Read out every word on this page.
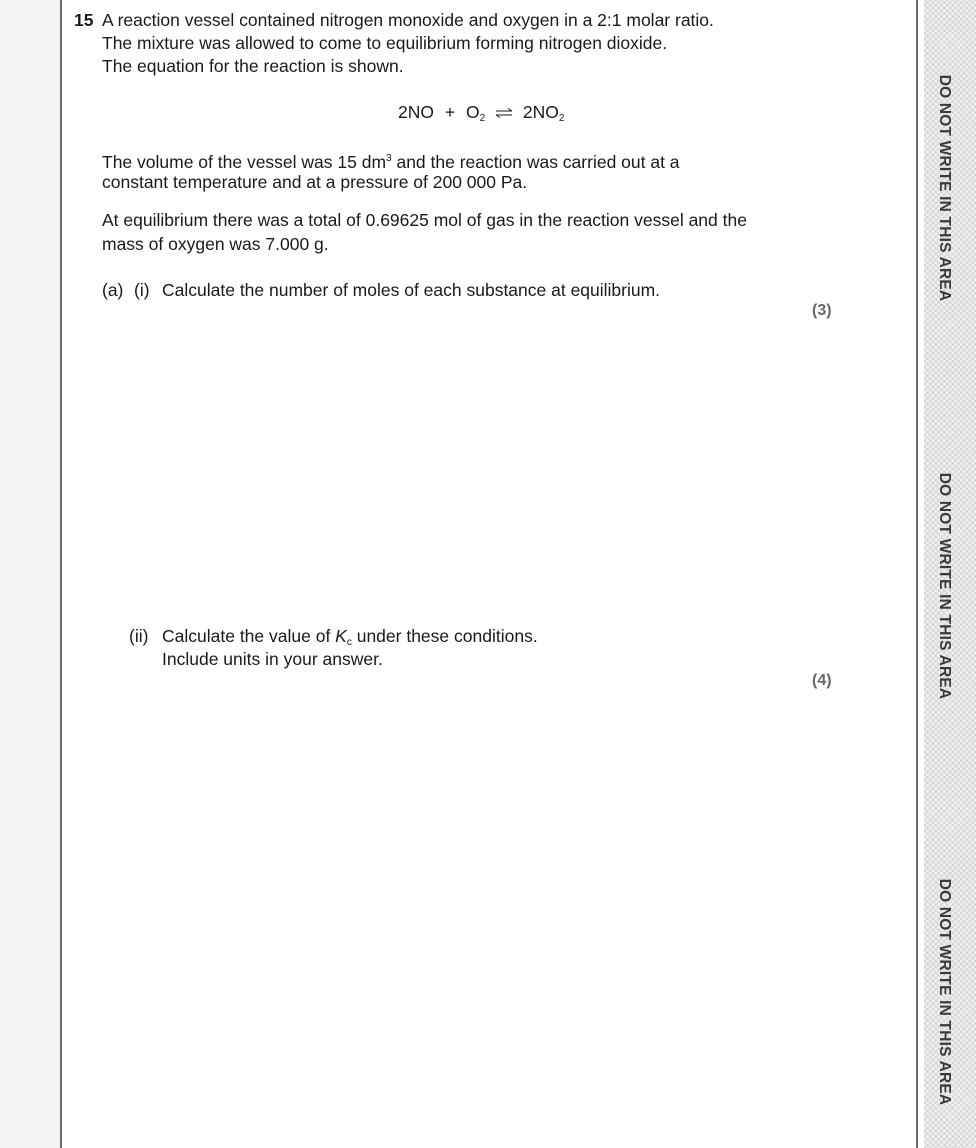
DO NOT WRITE IN THIS AREA
DO NOT WRITE IN THIS AREA
DO NOT WRITE IN THIS AREA
15 A reaction vessel contained nitrogen monoxide and oxygen in a 2:1 molar ratio.
The mixture was allowed to come to equilibrium forming nitrogen dioxide.
The equation for the reaction is shown.
$2NO + O_2$ ⇌ $2NO_2$
The volume of the vessel was 15 $dm^3$ and the reaction was carried out at a
constant temperature and at a pressure of 200 000 Pa.
At equilibrium there was a total of 0.69625 mol of gas in the reaction vessel and the
mass of oxygen was 7.000 g.
(a) (i) Calculate the number of moles of each substance at equilibrium.
(3)
(ii) Calculate the value of $K_c$ under these conditions.
Include units in your answer.
(4)
